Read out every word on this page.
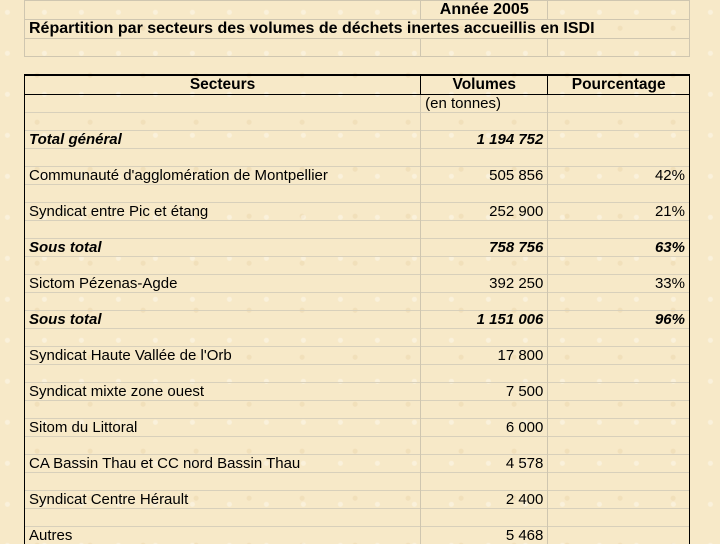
	Année 2005	
Répartition par secteurs des volumes de déchets inertes accueillis en ISDI		

Secteurs	Volumes	Pourcentage
	(en tonnes)	

Total général	1 194 752	

Communauté d'agglomération de Montpellier	505 856	42%

Syndicat entre Pic et étang	252 900	21%

Sous total	758 756	63%

Sictom Pézenas-Agde	392 250	33%

Sous total	1 151 006	96%

Syndicat Haute Vallée de l'Orb	17 800	

Syndicat mixte zone ouest	7 500	

Sitom du Littoral	6 000	

CA Bassin Thau et CC nord Bassin Thau	4 578	

Syndicat Centre Hérault	2 400	

Autres	5 468	
